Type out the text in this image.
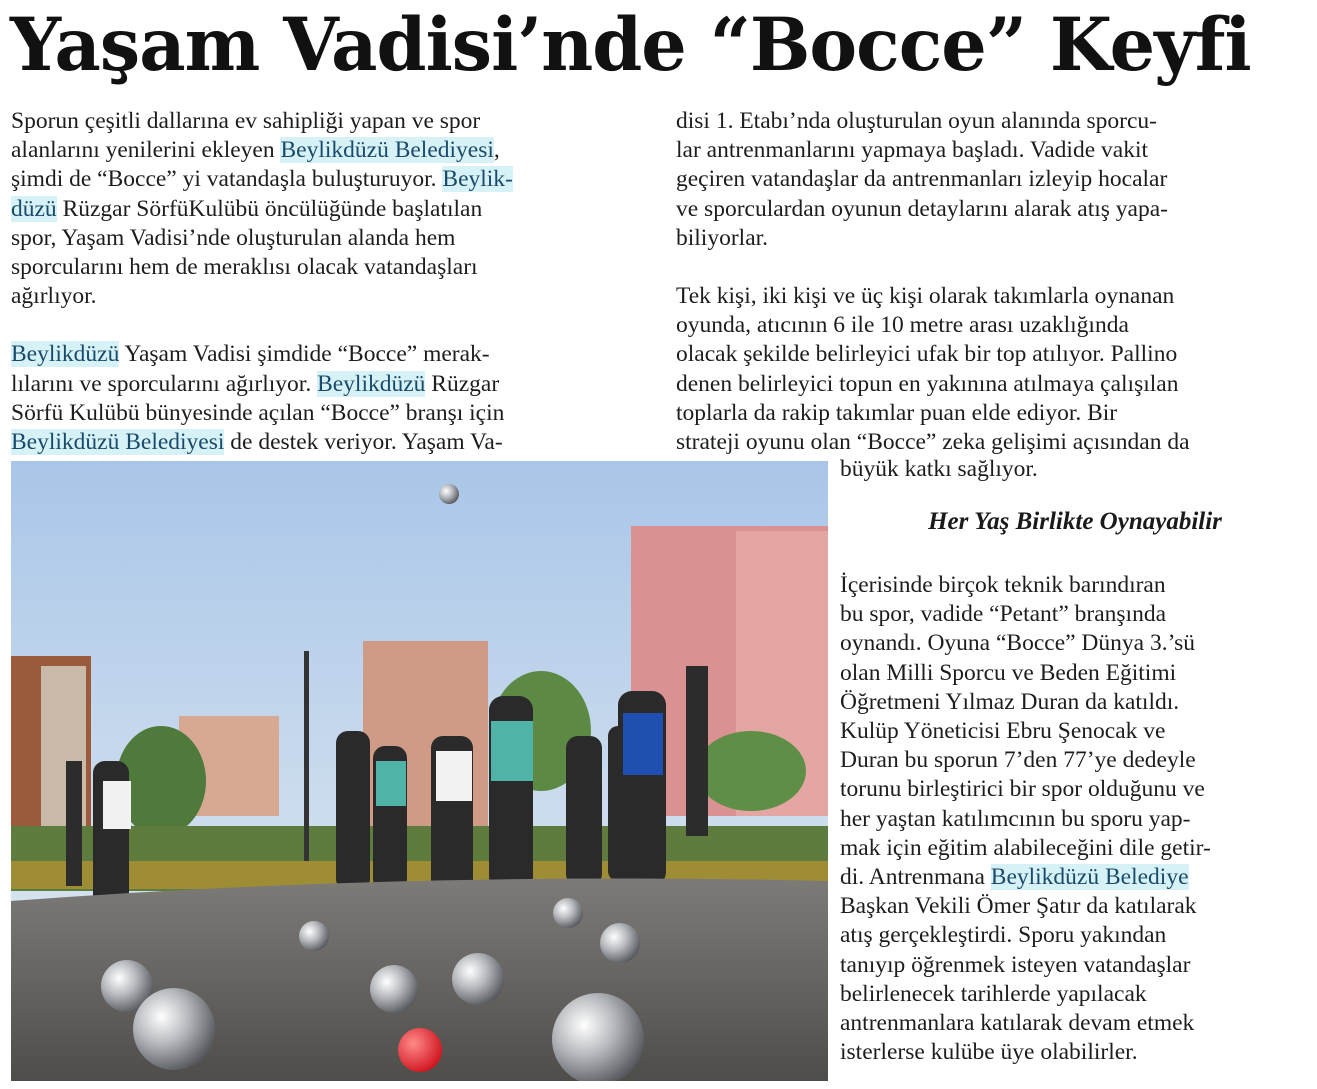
Yaşam Vadisi’nde “Bocce” Keyfi

Sporun çeşitli dallarına ev sahipliği yapan ve spor

alanlarını yenilerini ekleyen Beylikdüzü Belediyesi,

şimdi de “Bocce” yi vatandaşla buluşturuyor. Beylik-

düzü Rüzgar SörfüKulübü öncülüğünde başlatılan

spor, Yaşam Vadisi’nde oluşturulan alanda hem

sporcularını hem de meraklısı olacak vatandaşları

ağırlıyor.

Beylikdüzü Yaşam Vadisi şimdide “Bocce” merak-

lılarını ve sporcularını ağırlıyor. Beylikdüzü Rüzgar

Sörfü Kulübü bünyesinde açılan “Bocce” branşı için

Beylikdüzü Belediyesi de destek veriyor. Yaşam Va-

disi 1. Etabı’nda oluşturulan oyun alanında sporcu-

lar antrenmanlarını yapmaya başladı. Vadide vakit

geçiren vatandaşlar da antrenmanları izleyip hocalar

ve sporculardan oyunun detaylarını alarak atış yapa-

biliyorlar.

Tek kişi, iki kişi ve üç kişi olarak takımlarla oynanan

oyunda, atıcının 6 ile 10 metre arası uzaklığında

olacak şekilde belirleyici ufak bir top atılıyor. Pallino

denen belirleyici topun en yakınına atılmaya çalışılan

toplarla da rakip takımlar puan elde ediyor. Bir

strateji oyunu olan “Bocce” zeka gelişimi açısından da

büyük katkı sağlıyor.

Her Yaş Birlikte Oynayabilir

İçerisinde birçok teknik barındıran

bu spor, vadide “Petant” branşında

oynandı. Oyuna “Bocce” Dünya 3.’sü

olan Milli Sporcu ve Beden Eğitimi

Öğretmeni Yılmaz Duran da katıldı.

Kulüp Yöneticisi Ebru Şenocak ve

Duran bu sporun 7’den 77’ye dedeyle

torunu birleştirici bir spor olduğunu ve

her yaştan katılımcının bu sporu yap-

mak için eğitim alabileceğini dile getir-

di. Antrenmana Beylikdüzü Belediye

Başkan Vekili Ömer Şatır da katılarak

atış gerçekleştirdi. Sporu yakından

tanıyıp öğrenmek isteyen vatandaşlar

belirlenecek tarihlerde yapılacak

antrenmanlara katılarak devam etmek

isterlerse kulübe üye olabilirler.
